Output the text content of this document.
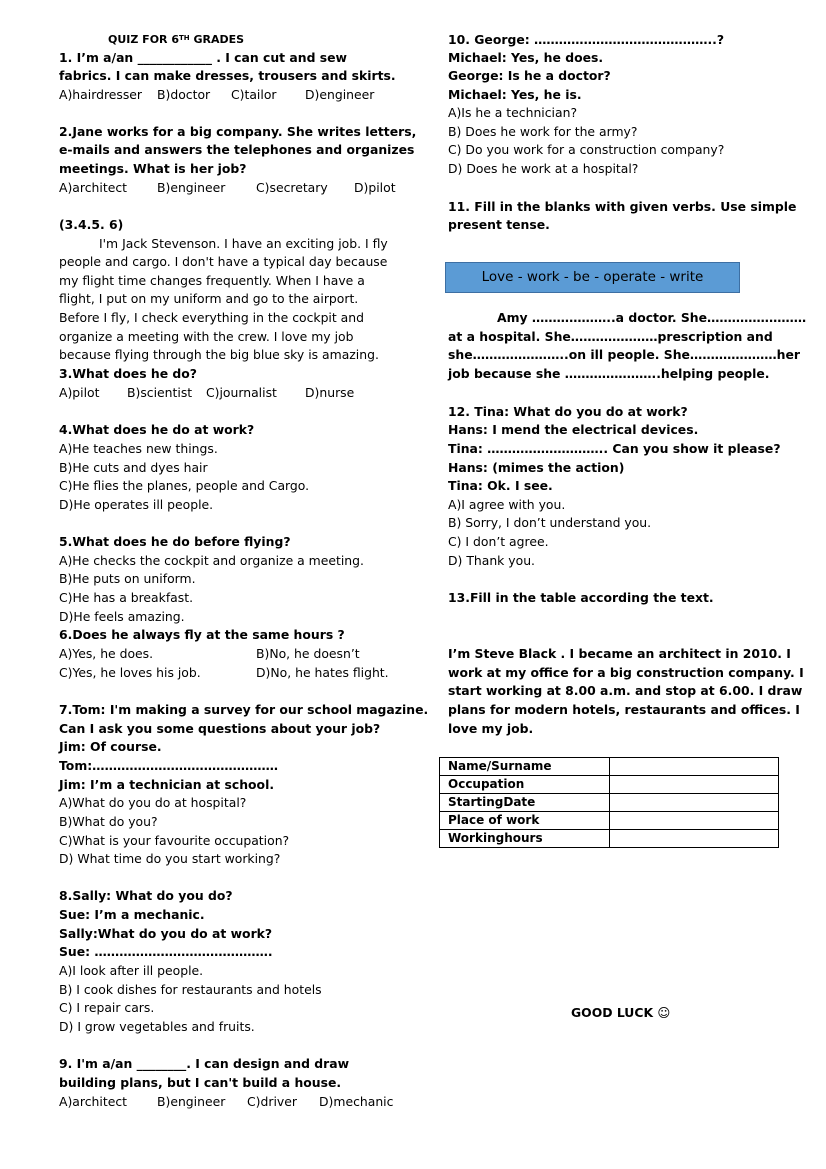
QUIZ FOR 6TH GRADES
1. I’m a/an ____________ . I can cut and sew
fabrics. I can make dresses, trousers and skirts.
A)hairdresser B)doctor C)tailor D)engineer
2.Jane works for a big company. She writes letters,
e-mails and answers the telephones and organizes
meetings. What is her job?
A)architect B)engineer C)secretary D)pilot
(3.4.5. 6)
I'm Jack Stevenson. I have an exciting job. I fly
people and cargo. I don't have a typical day because
my flight time changes frequently. When I have a
flight, I put on my uniform and go to the airport.
Before I fly, I check everything in the cockpit and
organize a meeting with the crew. I love my job
because flying through the big blue sky is amazing.
3.What does he do?
A)pilot B)scientist C)journalist D)nurse
4.What does he do at work?
A)He teaches new things.
B)He cuts and dyes hair
C)He flies the planes, people and Cargo.
D)He operates ill people.
5.What does he do before flying?
A)He checks the cockpit and organize a meeting.
B)He puts on uniform.
C)He has a breakfast.
D)He feels amazing.
6.Does he always fly at the same hours ?
A)Yes, he does.	B)No, he doesn’t
C)Yes, he loves his job.	D)No, he hates flight.
7.Tom: I'm making a survey for our school magazine.
Can I ask you some questions about your job?
Jim: Of course.
Tom:………………………………………
Jim: I’m a technician at school.
A)What do you do at hospital?
B)What do you?
C)What is your favourite occupation?
D) What time do you start working?
8.Sally: What do you do?
Sue: I’m a mechanic.
Sally:What do you do at work?
Sue: …………………………………….
A)I look after ill people.
B) I cook dishes for restaurants and hotels
C) I repair cars.
D) I grow vegetables and fruits.
9. I'm a/an ________. I can design and draw
building plans, but I can't build a house.
A)architect B)engineer C)driver D)mechanic
10. George: ……………………………………..?
Michael: Yes, he does.
George: Is he a doctor?
Michael: Yes, he is.
A)Is he a technician?
B) Does he work for the army?
C) Do you work for a construction company?
D) Does he work at a hospital?
11. Fill in the blanks with given verbs. Use simple
present tense.
Love - work - be - operate - write
Amy ………………..a doctor. She……………………
at a hospital. She…………………prescription and
she…………………..on ill people. She…………………her
job because she …………………..helping people.
12. Tina: What do you do at work?
Hans: I mend the electrical devices.
Tina: ……………………….. Can you show it please?
Hans: (mimes the action)
Tina: Ok. I see.
A)I agree with you.
B) Sorry, I don’t understand you.
C) I don’t agree.
D) Thank you.
13.Fill in the table according the text.
I’m Steve Black . I became an architect in 2010. I
work at my office for a big construction company. I
start working at 8.00 a.m. and stop at 6.00. I draw
plans for modern hotels, restaurants and offices. I
love my job.
Name/Surname	
Occupation	
StartingDate	
Place of work	
Workinghours	
GOOD LUCK ☺
